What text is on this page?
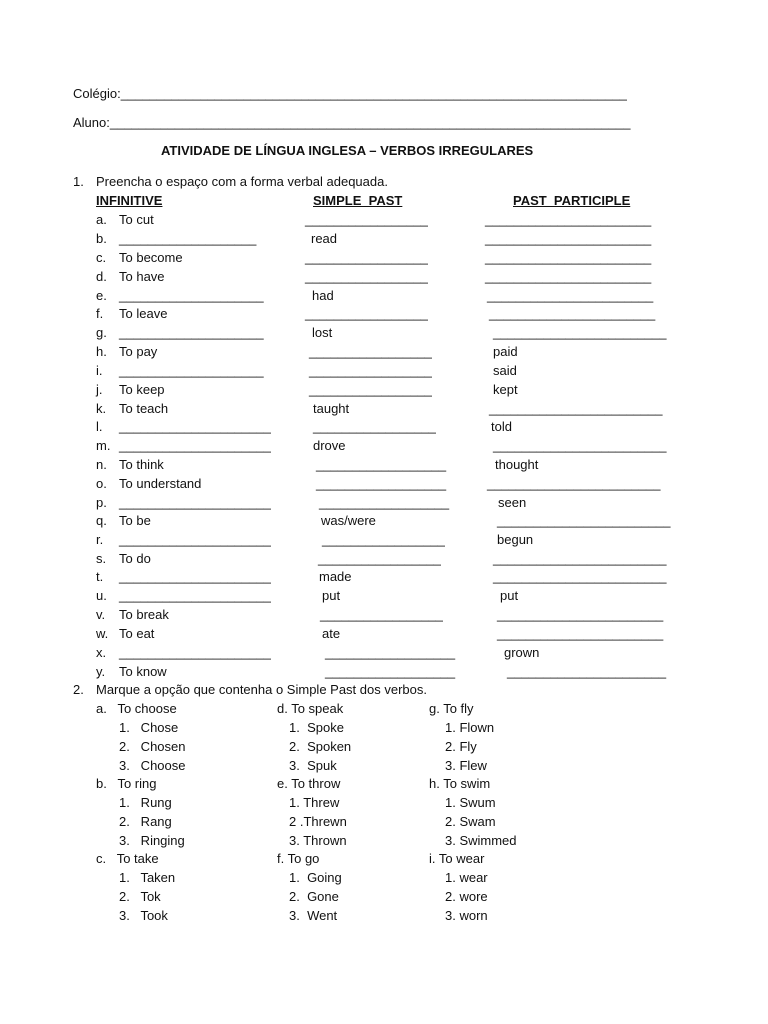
Colégio:______________________________________________________________________
Aluno:________________________________________________________________________
ATIVIDADE DE LÍNGUA INGLESA – VERBOS IRREGULARES
1. Preencha o espaço com a forma verbal adequada.
INFINITIVE	SIMPLE  PAST	PAST  PARTICIPLE
a. To cut	_________________	_______________________
b. ___________________	read	_______________________
c. To become	_________________	_______________________
d. To have	_________________	_______________________
e. ____________________	had	_______________________
f. To leave	_________________	_______________________
g. ____________________	lost	________________________
h. To pay	_________________	paid
i. ____________________	_________________	said
j. To keep	_________________	kept
k. To teach	taught	________________________
l. _____________________	_________________	told
m. _____________________	drove	________________________
n. To think	__________________	thought
o. To understand	__________________	________________________
p. _____________________	__________________	seen
q. To be	was/were	________________________
r. _____________________	_________________	begun
s. To do	_________________	________________________
t. _____________________	made	________________________
u. _____________________	put	put
v. To break	_________________	_______________________
w. To eat	ate	_______________________
x. _____________________	__________________	grown
y. To know	__________________	______________________
2. Marque a opção que contenha o Simple Past dos verbos.
a.   To choose
1.   Chose
2.   Chosen
3.   Choose
d. To speak
1.  Spoke
2.  Spoken
3.  Spuk
g. To fly
1. Flown
2. Fly
3. Flew
b.   To ring
1.   Rung
2.   Rang
3.   Ringing
e. To throw
1. Threw
2 .Threwn
3. Thrown
h. To swim
1. Swum
2. Swam
3. Swimmed
c.   To take
1.   Taken
2.   Tok
3.   Took
f. To go
1.  Going
2.  Gone
3.  Went
i. To wear
1. wear
2. wore
3. worn
